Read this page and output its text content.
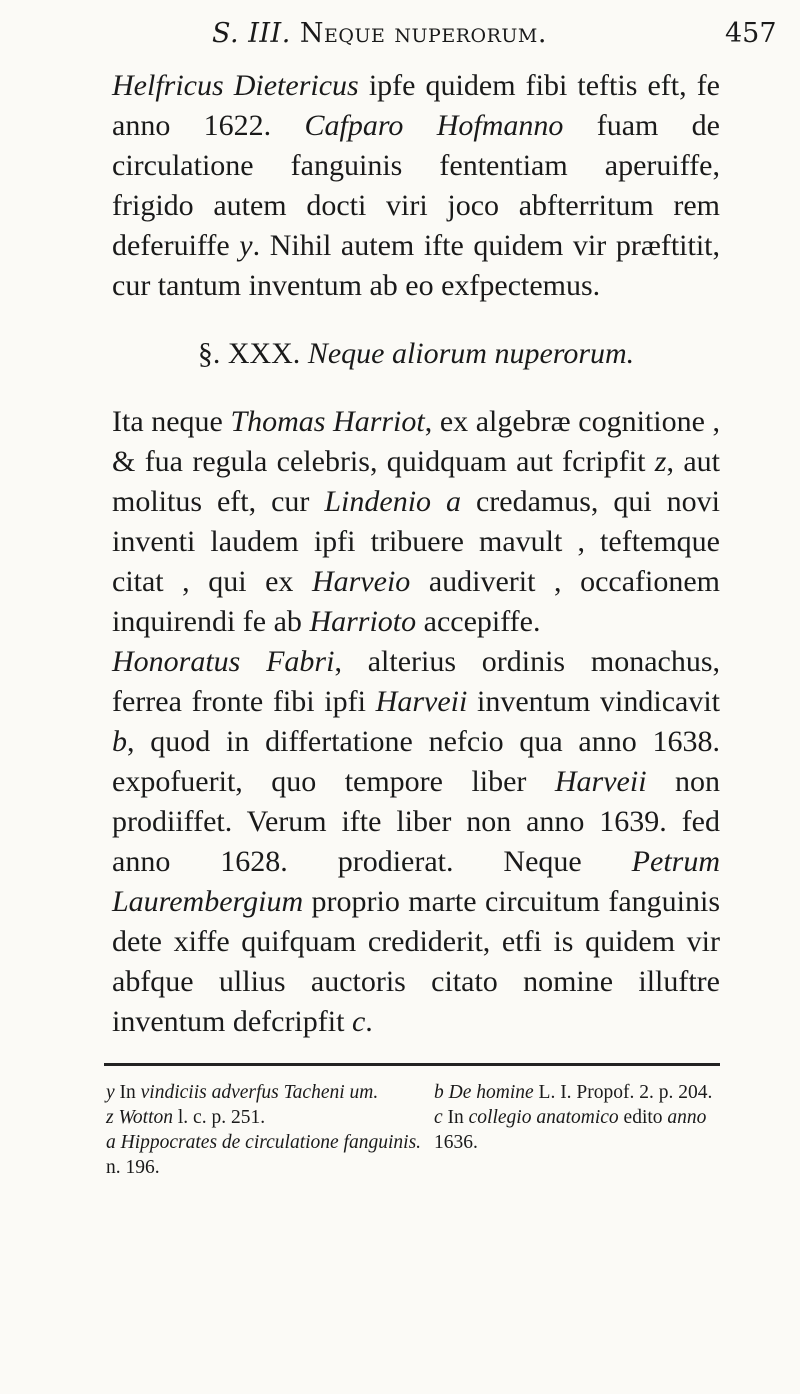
S. III. Neque nuperorum.	457

Helfricus Dietericus ipfe quidem fibi teftis eft, fe anno 1622. Cafparo Hofmanno fuam de circulatione fanguinis fententiam aperuiffe, frigido autem docti viri joco abfterritum rem deferuiffe y. Nihil autem ifte quidem vir præftitit, cur tantum inventum ab eo exfpectemus.

§. XXX. Neque aliorum nuperorum.

Ita neque Thomas Harriot, ex algebræ cognitione , & fua regula celebris, quidquam aut fcripfit z, aut molitus eft, cur Lindenio a credamus, qui novi inventi laudem ipfi tribuere mavult , teftemque citat , qui ex Harveio audiverit , occafionem inquirendi fe ab Harrioto accepiffe.

Honoratus Fabri, alterius ordinis monachus, ferrea fronte fibi ipfi Harveii inventum vindicavit b, quod in differtatione nefcio qua anno 1638. expofuerit, quo tempore liber Harveii non prodiiffet. Verum ifte liber non anno 1639. fed anno 1628. prodierat. Neque Petrum Laurembergium proprio marte circuitum fanguinis dete xiffe quifquam crediderit, etfi is quidem vir abfque ullius auctoris citato nomine illuftre inventum defcripfit c.

y In vindiciis adverfus Tacheni um.

z Wotton l. c. p. 251.

a Hippocrates de circulatione fanguinis. n. 196.

b De homine L. I. Propof. 2. p. 204.

c In collegio anatomico edito anno 1636.
